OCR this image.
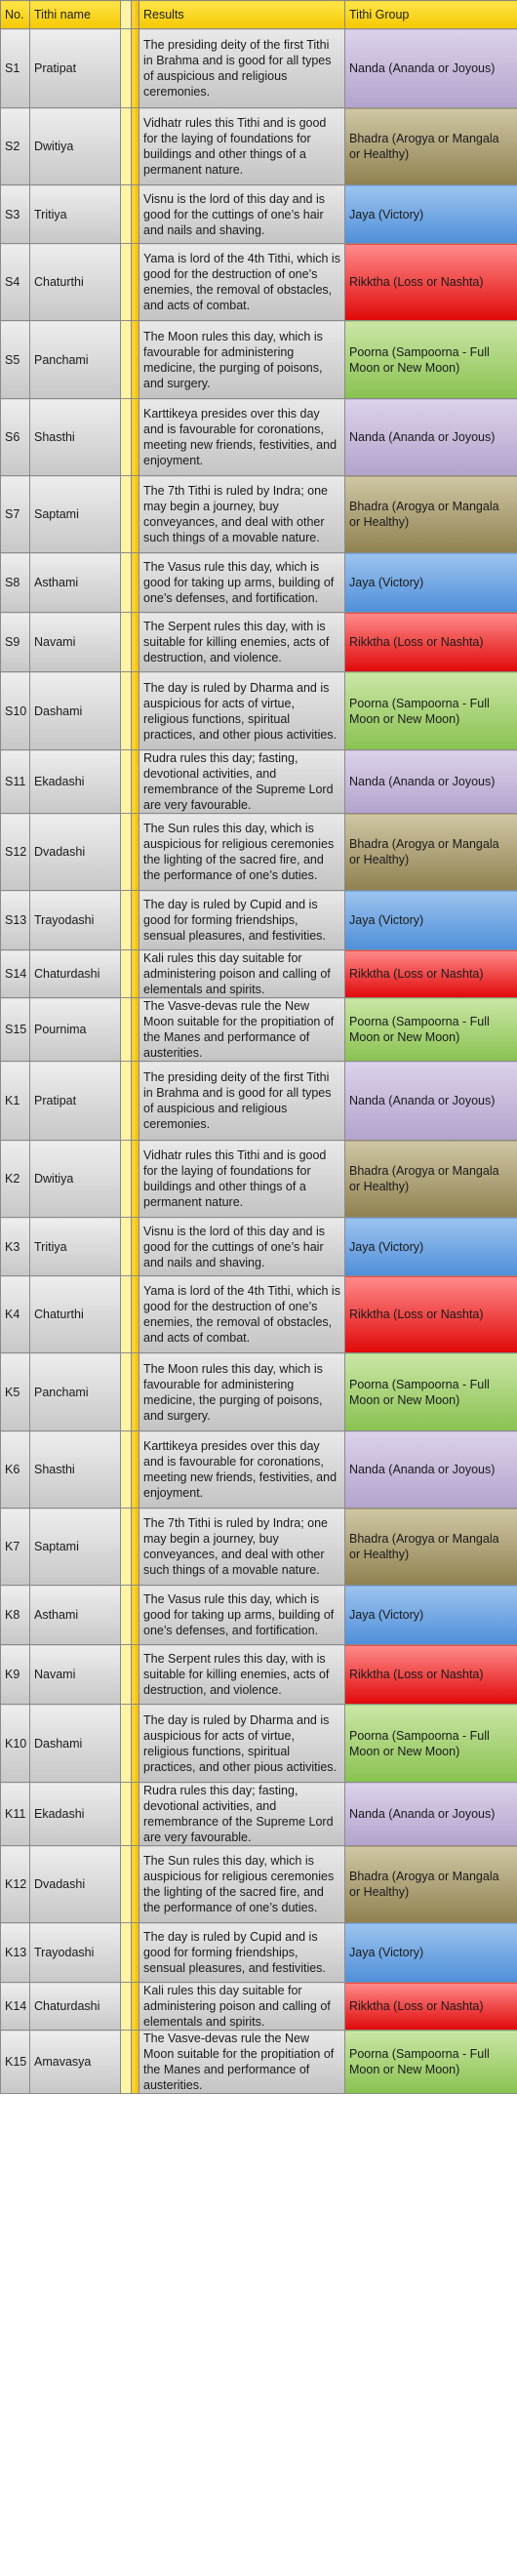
No.	Tithi name			Results	Tithi Group
S1	Pratipat			The presiding deity of the first Tithi in Brahma and is good for all types of auspicious and religious ceremonies.	Nanda (Ananda or Joyous)
S2	Dwitiya			Vidhatr rules this Tithi and is good for the laying of foundations for buildings and other things of a permanent nature.	Bhadra (Arogya or Mangala or Healthy)
S3	Tritiya			Visnu is the lord of this day and is good for the cuttings of one’s hair and nails and shaving.	Jaya (Victory)
S4	Chaturthi			Yama is lord of the 4th Tithi, which is good for the destruction of one’s enemies, the removal of obstacles, and acts of combat.	Rikktha (Loss or Nashta)
S5	Panchami			The Moon rules this day, which is favourable for administering medicine, the purging of poisons, and surgery.	Poorna (Sampoorna - Full Moon or New Moon)
S6	Shasthi			Karttikeya presides over this day and is favourable for coronations, meeting new friends, festivities, and enjoyment.	Nanda (Ananda or Joyous)
S7	Saptami			The 7th Tithi is ruled by Indra; one may begin a journey, buy conveyances, and deal with other such things of a movable nature.	Bhadra (Arogya or Mangala or Healthy)
S8	Asthami			The Vasus rule this day, which is good for taking up arms, building of one’s defenses, and fortification.	Jaya (Victory)
S9	Navami			The Serpent rules this day, with is suitable for killing enemies, acts of destruction, and violence.	Rikktha (Loss or Nashta)
S10	Dashami			The day is ruled by Dharma and is auspicious for acts of virtue, religious functions, spiritual practices, and other pious activities.	Poorna (Sampoorna - Full Moon or New Moon)
S11	Ekadashi			Rudra rules this day; fasting, devotional activities, and remembrance of the Supreme Lord are very favourable.	Nanda (Ananda or Joyous)
S12	Dvadashi			The Sun rules this day, which is auspicious for religious ceremonies the lighting of the sacred fire, and the performance of one’s duties.	Bhadra (Arogya or Mangala or Healthy)
S13	Trayodashi			The day is ruled by Cupid and is good for forming friendships, sensual pleasures, and festivities.	Jaya (Victory)
S14	Chaturdashi			Kali rules this day suitable for administering poison and calling of elementals and spirits.	Rikktha (Loss or Nashta)
S15	Pournima			The Vasve-devas rule the New Moon suitable for the propitiation of the Manes and performance of austerities.	Poorna (Sampoorna - Full Moon or New Moon)
K1	Pratipat			The presiding deity of the first Tithi in Brahma and is good for all types of auspicious and religious ceremonies.	Nanda (Ananda or Joyous)
K2	Dwitiya			Vidhatr rules this Tithi and is good for the laying of foundations for buildings and other things of a permanent nature.	Bhadra (Arogya or Mangala or Healthy)
K3	Tritiya			Visnu is the lord of this day and is good for the cuttings of one’s hair and nails and shaving.	Jaya (Victory)
K4	Chaturthi			Yama is lord of the 4th Tithi, which is good for the destruction of one’s enemies, the removal of obstacles, and acts of combat.	Rikktha (Loss or Nashta)
K5	Panchami			The Moon rules this day, which is favourable for administering medicine, the purging of poisons, and surgery.	Poorna (Sampoorna - Full Moon or New Moon)
K6	Shasthi			Karttikeya presides over this day and is favourable for coronations, meeting new friends, festivities, and enjoyment.	Nanda (Ananda or Joyous)
K7	Saptami			The 7th Tithi is ruled by Indra; one may begin a journey, buy conveyances, and deal with other such things of a movable nature.	Bhadra (Arogya or Mangala or Healthy)
K8	Asthami			The Vasus rule this day, which is good for taking up arms, building of one’s defenses, and fortification.	Jaya (Victory)
K9	Navami			The Serpent rules this day, with is suitable for killing enemies, acts of destruction, and violence.	Rikktha (Loss or Nashta)
K10	Dashami			The day is ruled by Dharma and is auspicious for acts of virtue, religious functions, spiritual practices, and other pious activities.	Poorna (Sampoorna - Full Moon or New Moon)
K11	Ekadashi			Rudra rules this day; fasting, devotional activities, and remembrance of the Supreme Lord are very favourable.	Nanda (Ananda or Joyous)
K12	Dvadashi			The Sun rules this day, which is auspicious for religious ceremonies the lighting of the sacred fire, and the performance of one’s duties.	Bhadra (Arogya or Mangala or Healthy)
K13	Trayodashi			The day is ruled by Cupid and is good for forming friendships, sensual pleasures, and festivities.	Jaya (Victory)
K14	Chaturdashi			Kali rules this day suitable for administering poison and calling of elementals and spirits.	Rikktha (Loss or Nashta)
K15	Amavasya			The Vasve-devas rule the New Moon suitable for the propitiation of the Manes and performance of austerities.	Poorna (Sampoorna - Full Moon or New Moon)
